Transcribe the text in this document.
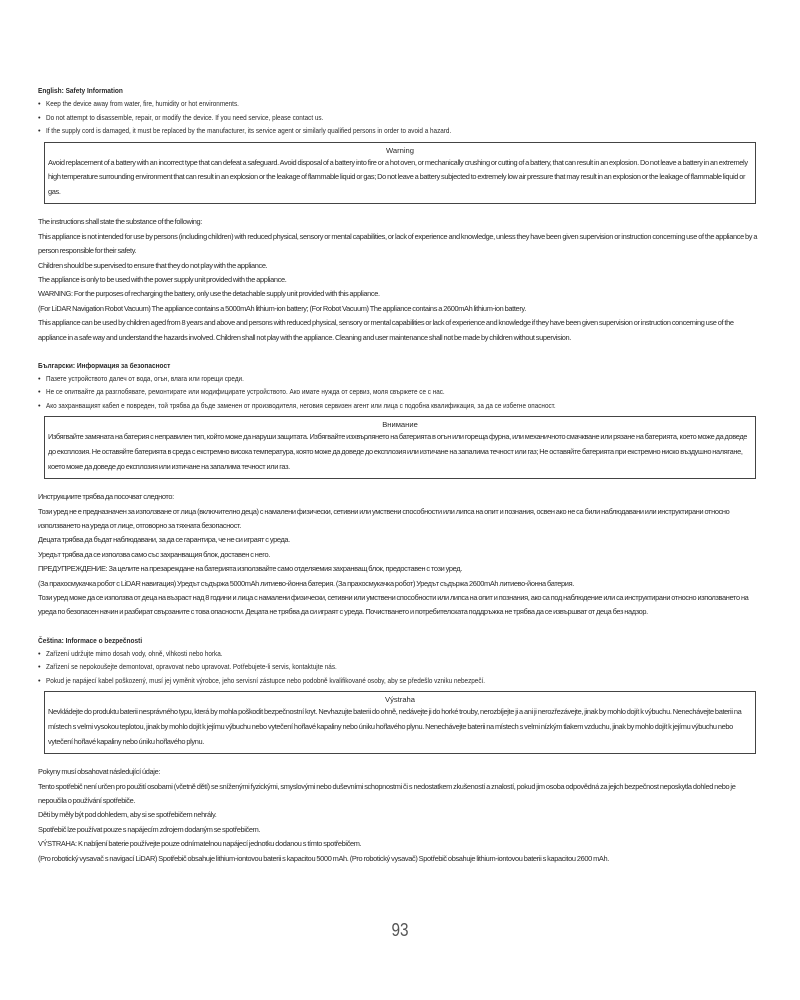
English: Safety Information
• Keep the device away from water, fire, humidity or hot environments.
• Do not attempt to disassemble, repair, or modify the device. If you need service, please contact us.
• If the supply cord is damaged, it must be replaced by the manufacturer, its service agent or similarly qualified persons in order to avoid a hazard.
Warning
Avoid replacement of a battery with an incorrect type that can defeat a safeguard. Avoid disposal of a battery into fire or a hot oven, or mechanically crushing or cutting of a battery, that can result in an explosion. Do not leave a battery in an extremely high temperature surrounding environment that can result in an explosion or the leakage of flammable liquid or gas; Do not leave a battery subjected to extremely low air pressure that may result in an explosion or the leakage of flammable liquid or gas.

The instructions shall state the substance of the following:

This appliance is not intended for use by persons (including children) with reduced physical, sensory or mental capabilities, or lack of experience and knowledge, unless they have been given supervision or instruction concerning use of the appliance by a person responsible for their safety.

Children should be supervised to ensure that they do not play with the appliance.

The appliance is only to be used with the power supply unit provided with the appliance.

WARNING: For the purposes of recharging the battery, only use the detachable supply unit provided with this appliance.

(For LiDAR Navigation Robot Vacuum) The appliance contains a 5000mAh lithium-ion battery; (For Robot Vacuum) The appliance contains a 2600mAh lithium-ion battery.

This appliance can be used by children aged from 8 years and above and persons with reduced physical, sensory or mental capabilities or lack of experience and knowledge if they have been given supervision or instruction concerning use of the appliance in a safe way and understand the hazards involved. Children shall not play with the appliance. Cleaning and user maintenance shall not be made by children without supervision.

Български: Информация за безопасност
• Пазете устройството далеч от вода, огън, влага или горещи среди.
• Не се опитвайте да разглобявате, ремонтирате или модифицирате устройството. Ако имате нужда от сервиз, моля свържете се с нас.
• Ако захранващият кабел е повреден, той трябва да бъде заменен от производителя, неговия сервизен агент или лица с подобна квалификация, за да се избегне опасност.
Внимание
Избягвайте замяната на батерия с неправилен тип, който може да наруши защитата. Избягвайте изхвърлянето на батерията в огън или гореща фурна, или механичното смачкване или рязане на батерията, което може да доведе до експлозия. Не оставяйте батерията в среда с екстремно висока температура, която може да доведе до експлозия или изтичане на запалима течност или газ; Не оставяйте батерията при екстремно ниско въздушно налягане, което може да доведе до експлозия или изтичане на запалима течност или газ.

Инструкциите трябва да посочват следното:

Този уред не е предназначен за използване от лица (включително деца) с намалени физически, сетивни или умствени способности или липса на опит и познания, освен ако не са били наблюдавани или инструктирани относно използването на уреда от лице, отговорно за тяхната безопасност.

Децата трябва да бъдат наблюдавани, за да се гарантира, че не си играят с уреда.

Уредът трябва да се използва само със захранващия блок, доставен с него.

ПРЕДУПРЕЖДЕНИЕ: За целите на презареждане на батерията използвайте само отделяемия захранващ блок, предоставен с този уред.

(За прахосмукачка робот с LiDAR навигация) Уредът съдържа 5000mAh литиево-йонна батерия. (За прахосмукачка робот) Уредът съдържа 2600mAh литиево-йонна батерия.

Този уред може да се използва от деца на възраст над 8 години и лица с намалени физически, сетивни или умствени способности или липса на опит и познания, ако са под наблюдение или са инструктирани относно използването на уреда по безопасен начин и разбират свързаните с това опасности. Децата не трябва да си играят с уреда. Почистването и потребителската поддръжка не трябва да се извършват от деца без надзор.

Čeština: Informace o bezpečnosti
• Zařízení udržujte mimo dosah vody, ohně, vlhkosti nebo horka.
• Zařízení se nepokoušejte demontovat, opravovat nebo upravovat. Potřebujete-li servis, kontaktujte nás.
• Pokud je napájecí kabel poškozený, musí jej vyměnit výrobce, jeho servisní zástupce nebo podobně kvalifikované osoby, aby se předešlo vzniku nebezpečí.
Výstraha
Nevkládejte do produktu baterii nesprávného typu, která by mohla poškodit bezpečnostní kryt. Nevhazujte baterii do ohně, nedávejte ji do horké trouby, nerozbíjejte ji a ani ji nerozřezávejte, jinak by mohlo dojít k výbuchu. Nenechávejte baterii na místech s velmi vysokou teplotou, jinak by mohlo dojít k jejímu výbuchu nebo vytečení hořlavé kapaliny nebo úniku hořlavého plynu. Nenechávejte baterii na místech s velmi nízkým tlakem vzduchu, jinak by mohlo dojít k jejímu výbuchu nebo vytečení hořlavé kapaliny nebo úniku hořlavého plynu.

Pokyny musí obsahovat následující údaje:

Tento spotřebič není určen pro použití osobami (včetně dětí) se sníženými fyzickými, smyslovými nebo duševními schopnostmi či s nedostatkem zkušeností a znalostí, pokud jim osoba odpovědná za jejich bezpečnost neposkytla dohled nebo je nepoučila o používání spotřebiče.

Děti by měly být pod dohledem, aby si se spotřebičem nehrály.

Spotřebič lze používat pouze s napájecím zdrojem dodaným se spotřebičem.

VÝSTRAHA: K nabíjení baterie používejte pouze odnímatelnou napájecí jednotku dodanou s tímto spotřebičem.

(Pro robotický vysavač s navigací LiDAR) Spotřebič obsahuje lithium-iontovou baterii s kapacitou 5000 mAh. (Pro robotický vysavač) Spotřebič obsahuje lithium-iontovou baterii s kapacitou 2600 mAh.

93
